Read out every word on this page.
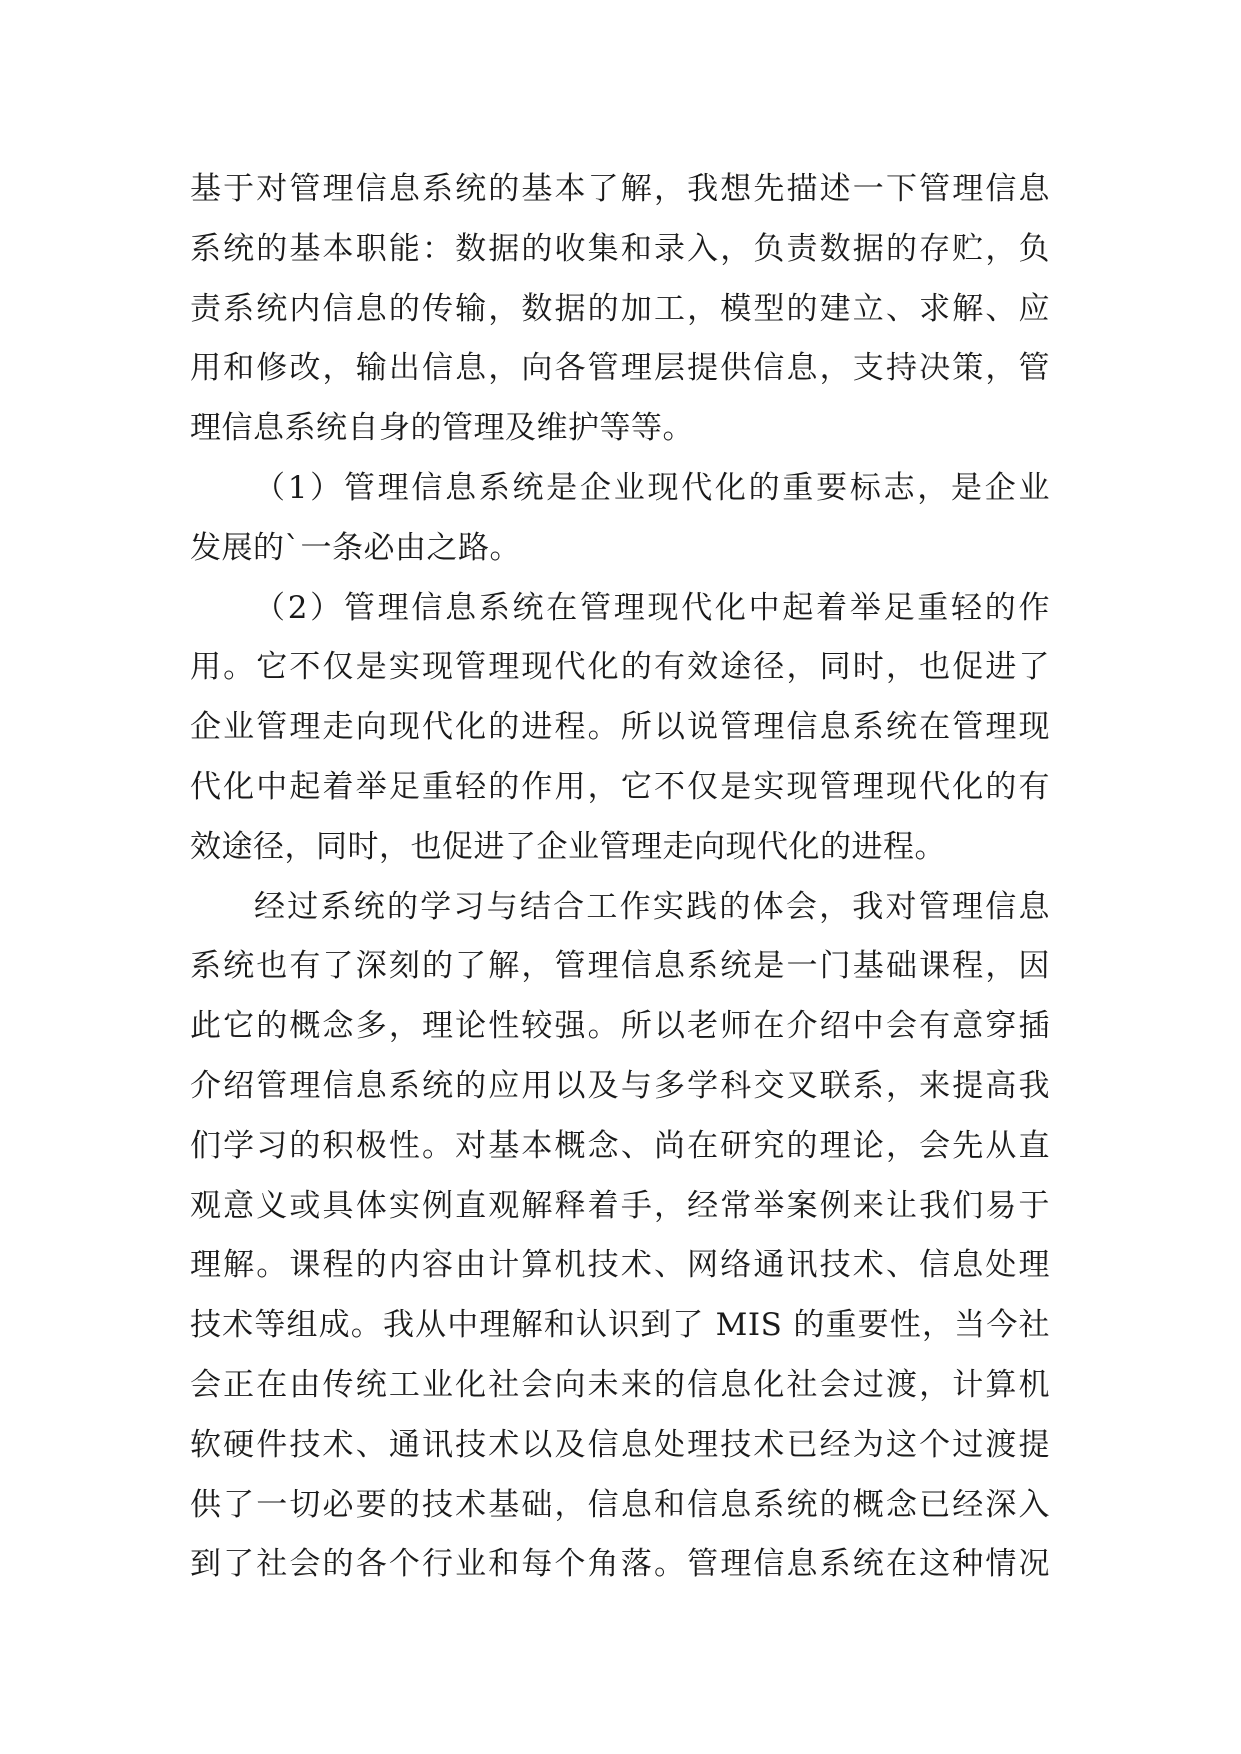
基于对管理信息系统的基本了解，我想先描述一下管理信息
系统的基本职能：数据的收集和录入，负责数据的存贮，负
责系统内信息的传输，数据的加工，模型的建立、求解、应
用和修改，输出信息，向各管理层提供信息，支持决策，管
理信息系统自身的管理及维护等等。
（1）管理信息系统是企业现代化的重要标志，是企业
发展的`一条必由之路。
（2）管理信息系统在管理现代化中起着举足重轻的作
用。它不仅是实现管理现代化的有效途径，同时，也促进了
企业管理走向现代化的进程。所以说管理信息系统在管理现
代化中起着举足重轻的作用，它不仅是实现管理现代化的有
效途径，同时，也促进了企业管理走向现代化的进程。
经过系统的学习与结合工作实践的体会，我对管理信息
系统也有了深刻的了解，管理信息系统是一门基础课程，因
此它的概念多，理论性较强。所以老师在介绍中会有意穿插
介绍管理信息系统的应用以及与多学科交叉联系，来提高我
们学习的积极性。对基本概念、尚在研究的理论，会先从直
观意义或具体实例直观解释着手，经常举案例来让我们易于
理解。课程的内容由计算机技术、网络通讯技术、信息处理
技术等组成。我从中理解和认识到了 MIS 的重要性，当今社
会正在由传统工业化社会向未来的信息化社会过渡，计算机
软硬件技术、通讯技术以及信息处理技术已经为这个过渡提
供了一切必要的技术基础，信息和信息系统的概念已经深入
到了社会的各个行业和每个角落。管理信息系统在这种情况
